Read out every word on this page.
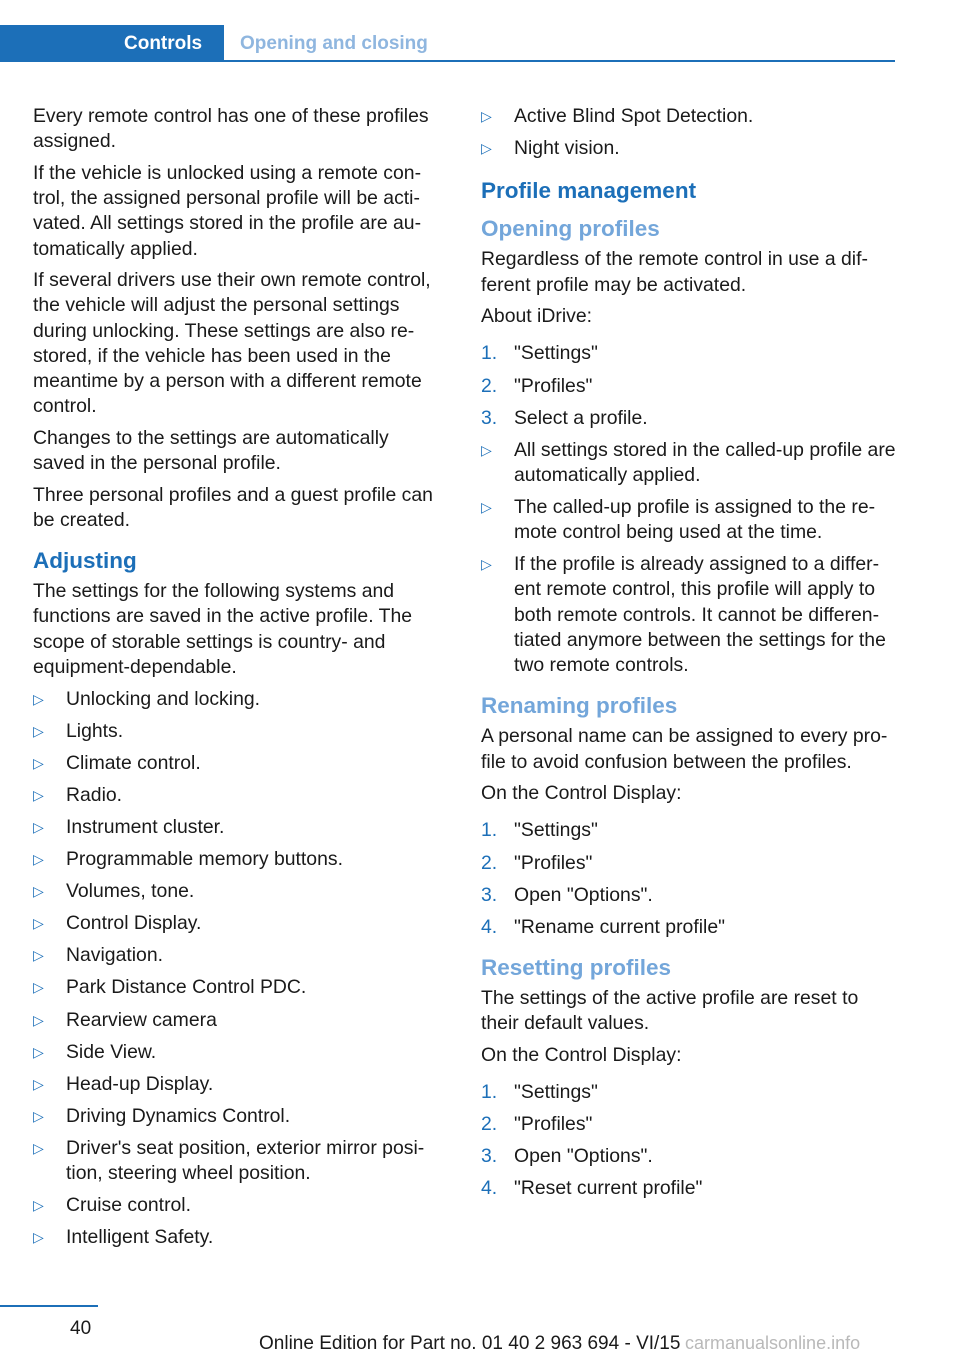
Controls	Opening and closing

Every remote control has one of these profiles assigned.

If the vehicle is unlocked using a remote con-trol, the assigned personal profile will be acti-vated. All settings stored in the profile are au-tomatically applied.

If several drivers use their own remote control, the vehicle will adjust the personal settings during unlocking. These settings are also re-stored, if the vehicle has been used in the meantime by a person with a different remote control.

Changes to the settings are automatically saved in the personal profile.

Three personal profiles and a guest profile can be created.

Adjusting

The settings for the following systems and functions are saved in the active profile. The scope of storable settings is country- and equipment-dependable.

▷ Unlocking and locking.
▷ Lights.
▷ Climate control.
▷ Radio.
▷ Instrument cluster.
▷ Programmable memory buttons.
▷ Volumes, tone.
▷ Control Display.
▷ Navigation.
▷ Park Distance Control PDC.
▷ Rearview camera
▷ Side View.
▷ Head-up Display.
▷ Driving Dynamics Control.
▷ Driver's seat position, exterior mirror posi-tion, steering wheel position.
▷ Cruise control.
▷ Intelligent Safety.
▷ Active Blind Spot Detection.
▷ Night vision.
Profile management
Opening profiles

Regardless of the remote control in use a dif-ferent profile may be activated.

About iDrive:

1. "Settings"
2. "Profiles"
3. Select a profile.
▷ All settings stored in the called-up profile are automatically applied.
▷ The called-up profile is assigned to the re-mote control being used at the time.
▷ If the profile is already assigned to a differ-ent remote control, this profile will apply to both remote controls. It cannot be differen-tiated anymore between the settings for the two remote controls.
Renaming profiles

A personal name can be assigned to every pro-file to avoid confusion between the profiles.

On the Control Display:

1. "Settings"
2. "Profiles"
3. Open "Options".
4. "Rename current profile"
Resetting profiles

The settings of the active profile are reset to their default values.

On the Control Display:

1. "Settings"
2. "Profiles"
3. Open "Options".
4. "Reset current profile"
40
Online Edition for Part no. 01 40 2 963 694 - VI/15 carmanualsonline.info
